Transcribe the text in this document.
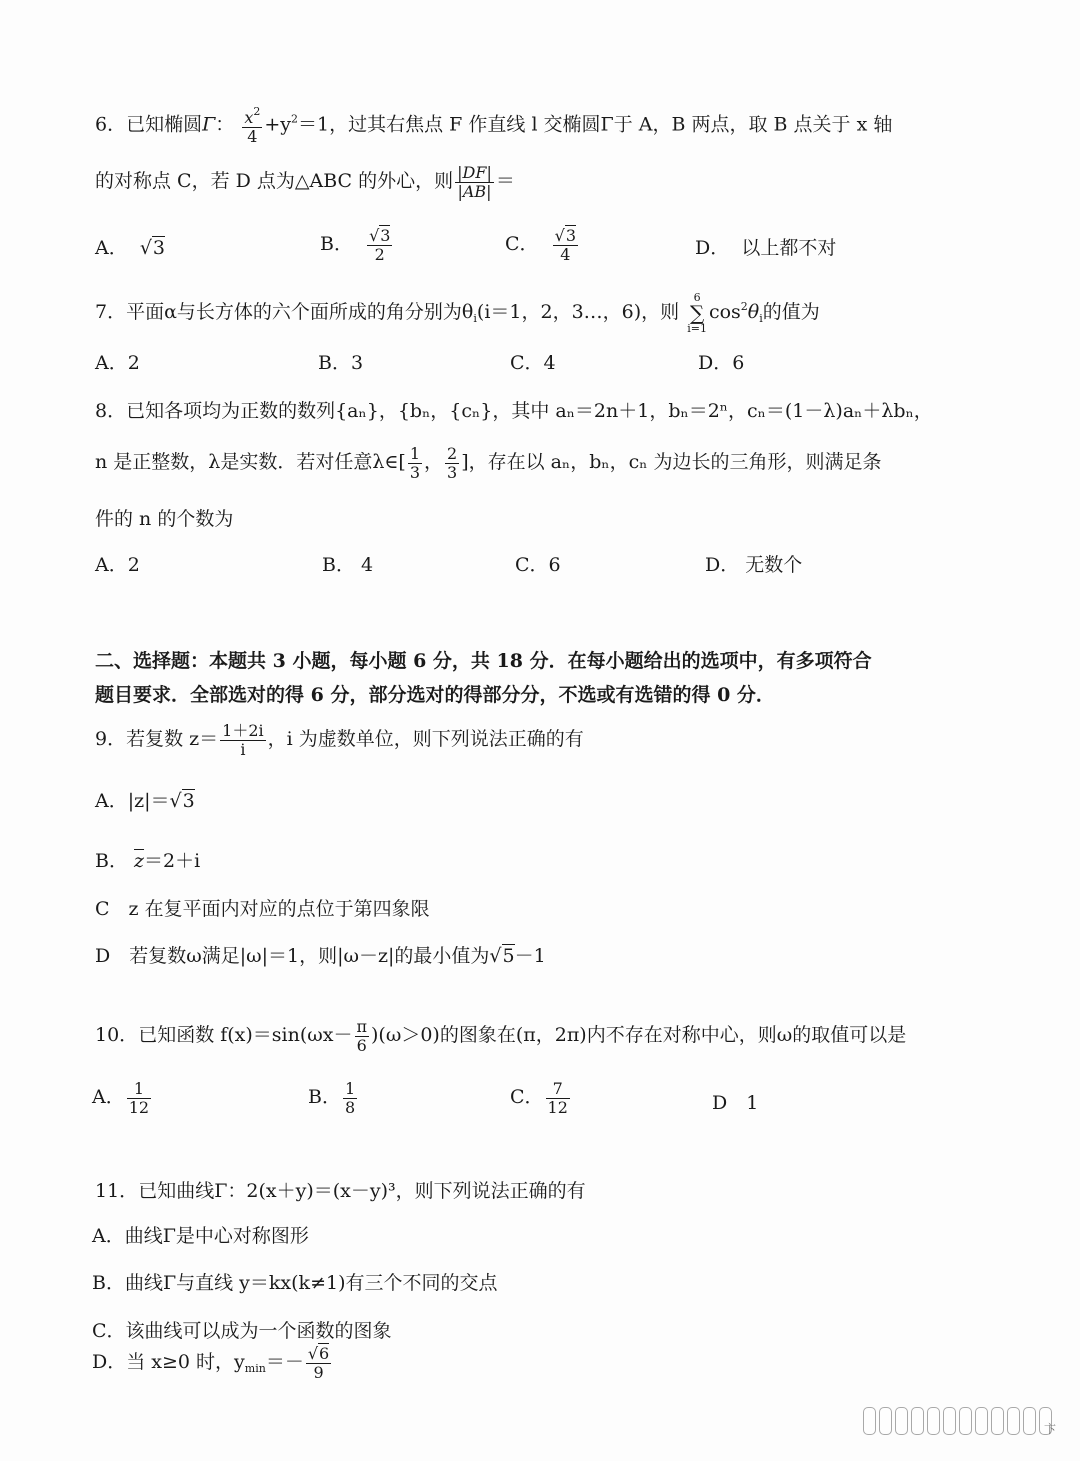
6．已知椭圆Γ： $\frac{x^2}{4} +y^2=1$，过其右焦点 F 作直线 l 交椭圆Γ于 A，B 两点，取 B 点关于 x 轴
的对称点 C，若 D 点为△ABC 的外心，则 $\frac{|DF|}{|AB|}$ ＝
A．  √3	B． $\frac{√3}{2}$	C． $\frac{√3}{4}$	D． 以上都不对
7．平面α与长方体的六个面所成的角分别为$\theta_i(i=1$，2，3…，6)，则 6
∑
$i=1\cos^2\theta_i$的值为
A．2	B．3	C．4	D．6
8．已知各项均为正数的数列{aₙ}，{bₙ，{cₙ}，其中 aₙ＝2n＋1，bₙ＝2ⁿ，cₙ＝(1－λ)aₙ＋λbₙ，
n 是正整数，λ是实数．若对任意λ∈[ $\frac{1}{3}$ ， $\frac{2}{3}$ ]，存在以 aₙ，bₙ，cₙ 为边长的三角形，则满足条
件的 n 的个数为
A．2	B． 4	C．6	D． 无数个
二、选择题：本题共 3 小题，每小题 6 分，共 18 分．在每小题给出的选项中，有多项符合
题目要求．全部选对的得 6 分，部分选对的得部分分，不选或有选错的得 0 分．
9．若复数 $z= \frac{1+2i}{i}$ ，i 为虚数单位，则下列说法正确的有
A．|z|＝√3
B． $\overline{z}=2+i$
C　z 在复平面内对应的点位于第四象限
D　若复数ω满足|ω|＝1，则|ω－z|的最小值为√5－1
10．已知函数 $f(x)=\sin(\omega x- \frac{\pi}{6} )(\omega>0)$的图象在(π，2π)内不存在对称中心，则ω的取值可以是
A． $\frac{1}{12}$	B． $\frac{1}{8}$	C． $\frac{7}{12}$	D　1
11．已知曲线Γ：2(x＋y)＝(x－y)³，则下列说法正确的有
A．曲线Γ是中心对称图形
B．曲线Γ与直线 y＝kx(k≠1)有三个不同的交点
C．该曲线可以成为一个函数的图象
D．当 x≥0 时，$y_{min}=- \frac{√6}{9}$
卞
